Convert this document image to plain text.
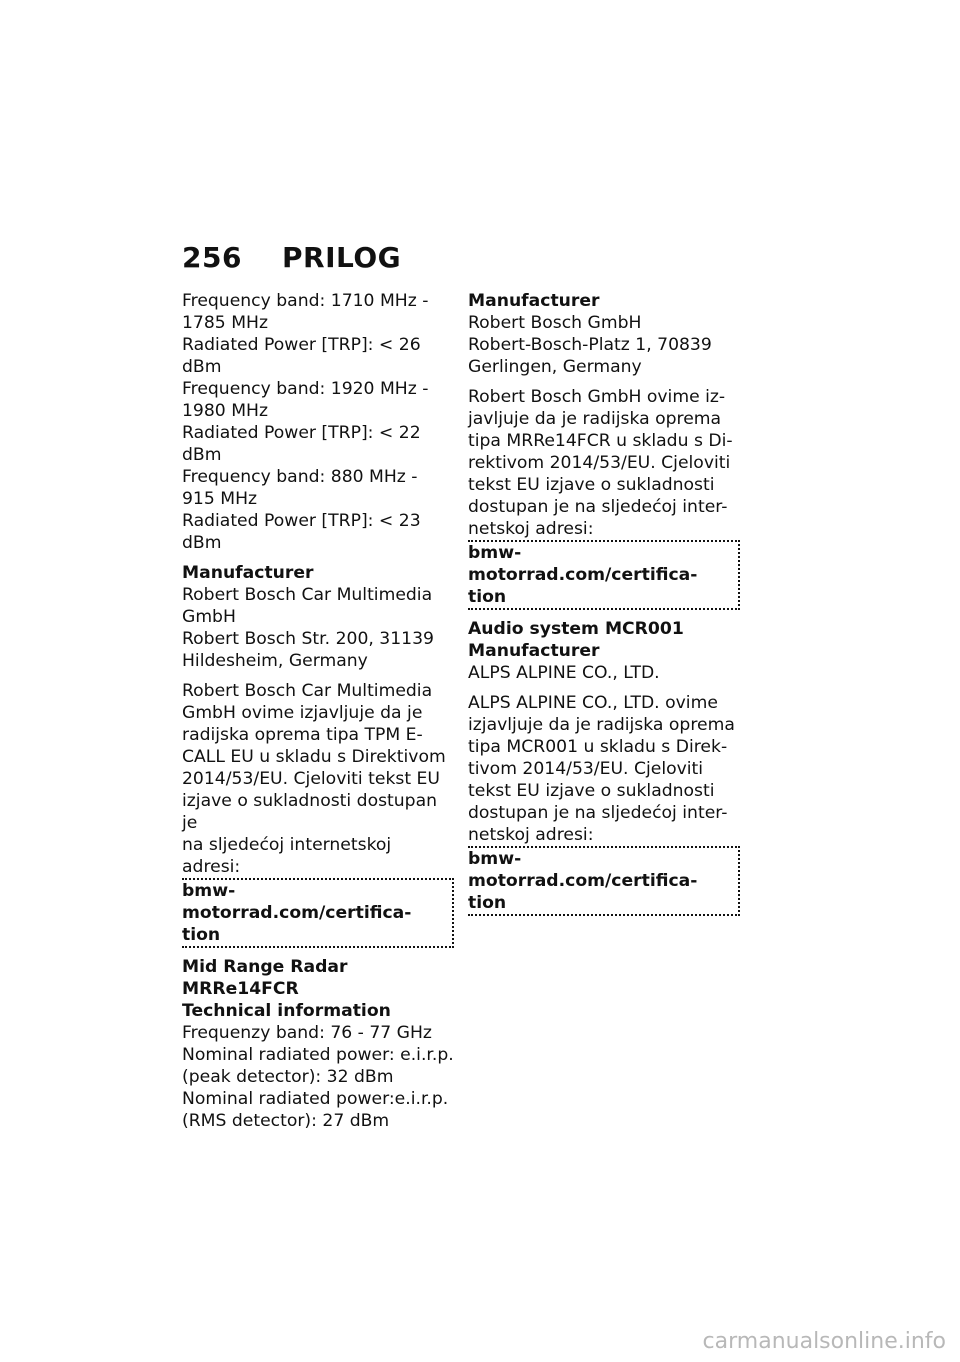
256 PRILOG

Frequency band: 1710 MHz -
1785 MHz
Radiated Power [TRP]: < 26
dBm
Frequency band: 1920 MHz -
1980 MHz
Radiated Power [TRP]: < 22
dBm
Frequency band: 880 MHz -
915 MHz
Radiated Power [TRP]: < 23
dBm

Manufacturer

Robert Bosch Car Multimedia
GmbH
Robert Bosch Str. 200, 31139
Hildesheim, Germany

Robert Bosch Car Multimedia
GmbH ovime izjavljuje da je
radijska oprema tipa TPM E-
CALL EU u skladu s Direktivom
2014/53/EU. Cjeloviti tekst EU
izjave o sukladnosti dostupan je
na sljedećoj internetskoj adresi:

bmw-motorrad.com/certifica-
tion
Mid Range Radar
MRRe14FCR
Technical information

Frequenzy band: 76 - 77 GHz
Nominal radiated power: e.i.r.p.
(peak detector): 32 dBm
Nominal radiated power:e.i.r.p.
(RMS detector): 27 dBm

Manufacturer

Robert Bosch GmbH
Robert-Bosch-Platz 1, 70839
Gerlingen, Germany

Robert Bosch GmbH ovime iz-
javljuje da je radijska oprema
tipa MRRe14FCR u skladu s Di-
rektivom 2014/53/EU. Cjeloviti
tekst EU izjave o sukladnosti
dostupan je na sljedećoj inter-
netskoj adresi:

bmw-motorrad.com/certifica-
tion
Audio system MCR001
Manufacturer

ALPS ALPINE CO., LTD.

ALPS ALPINE CO., LTD. ovime
izjavljuje da je radijska oprema
tipa MCR001 u skladu s Direk-
tivom 2014/53/EU. Cjeloviti
tekst EU izjave o sukladnosti
dostupan je na sljedećoj inter-
netskoj adresi:

bmw-motorrad.com/certifica-
tion
carmanualsonline.info
